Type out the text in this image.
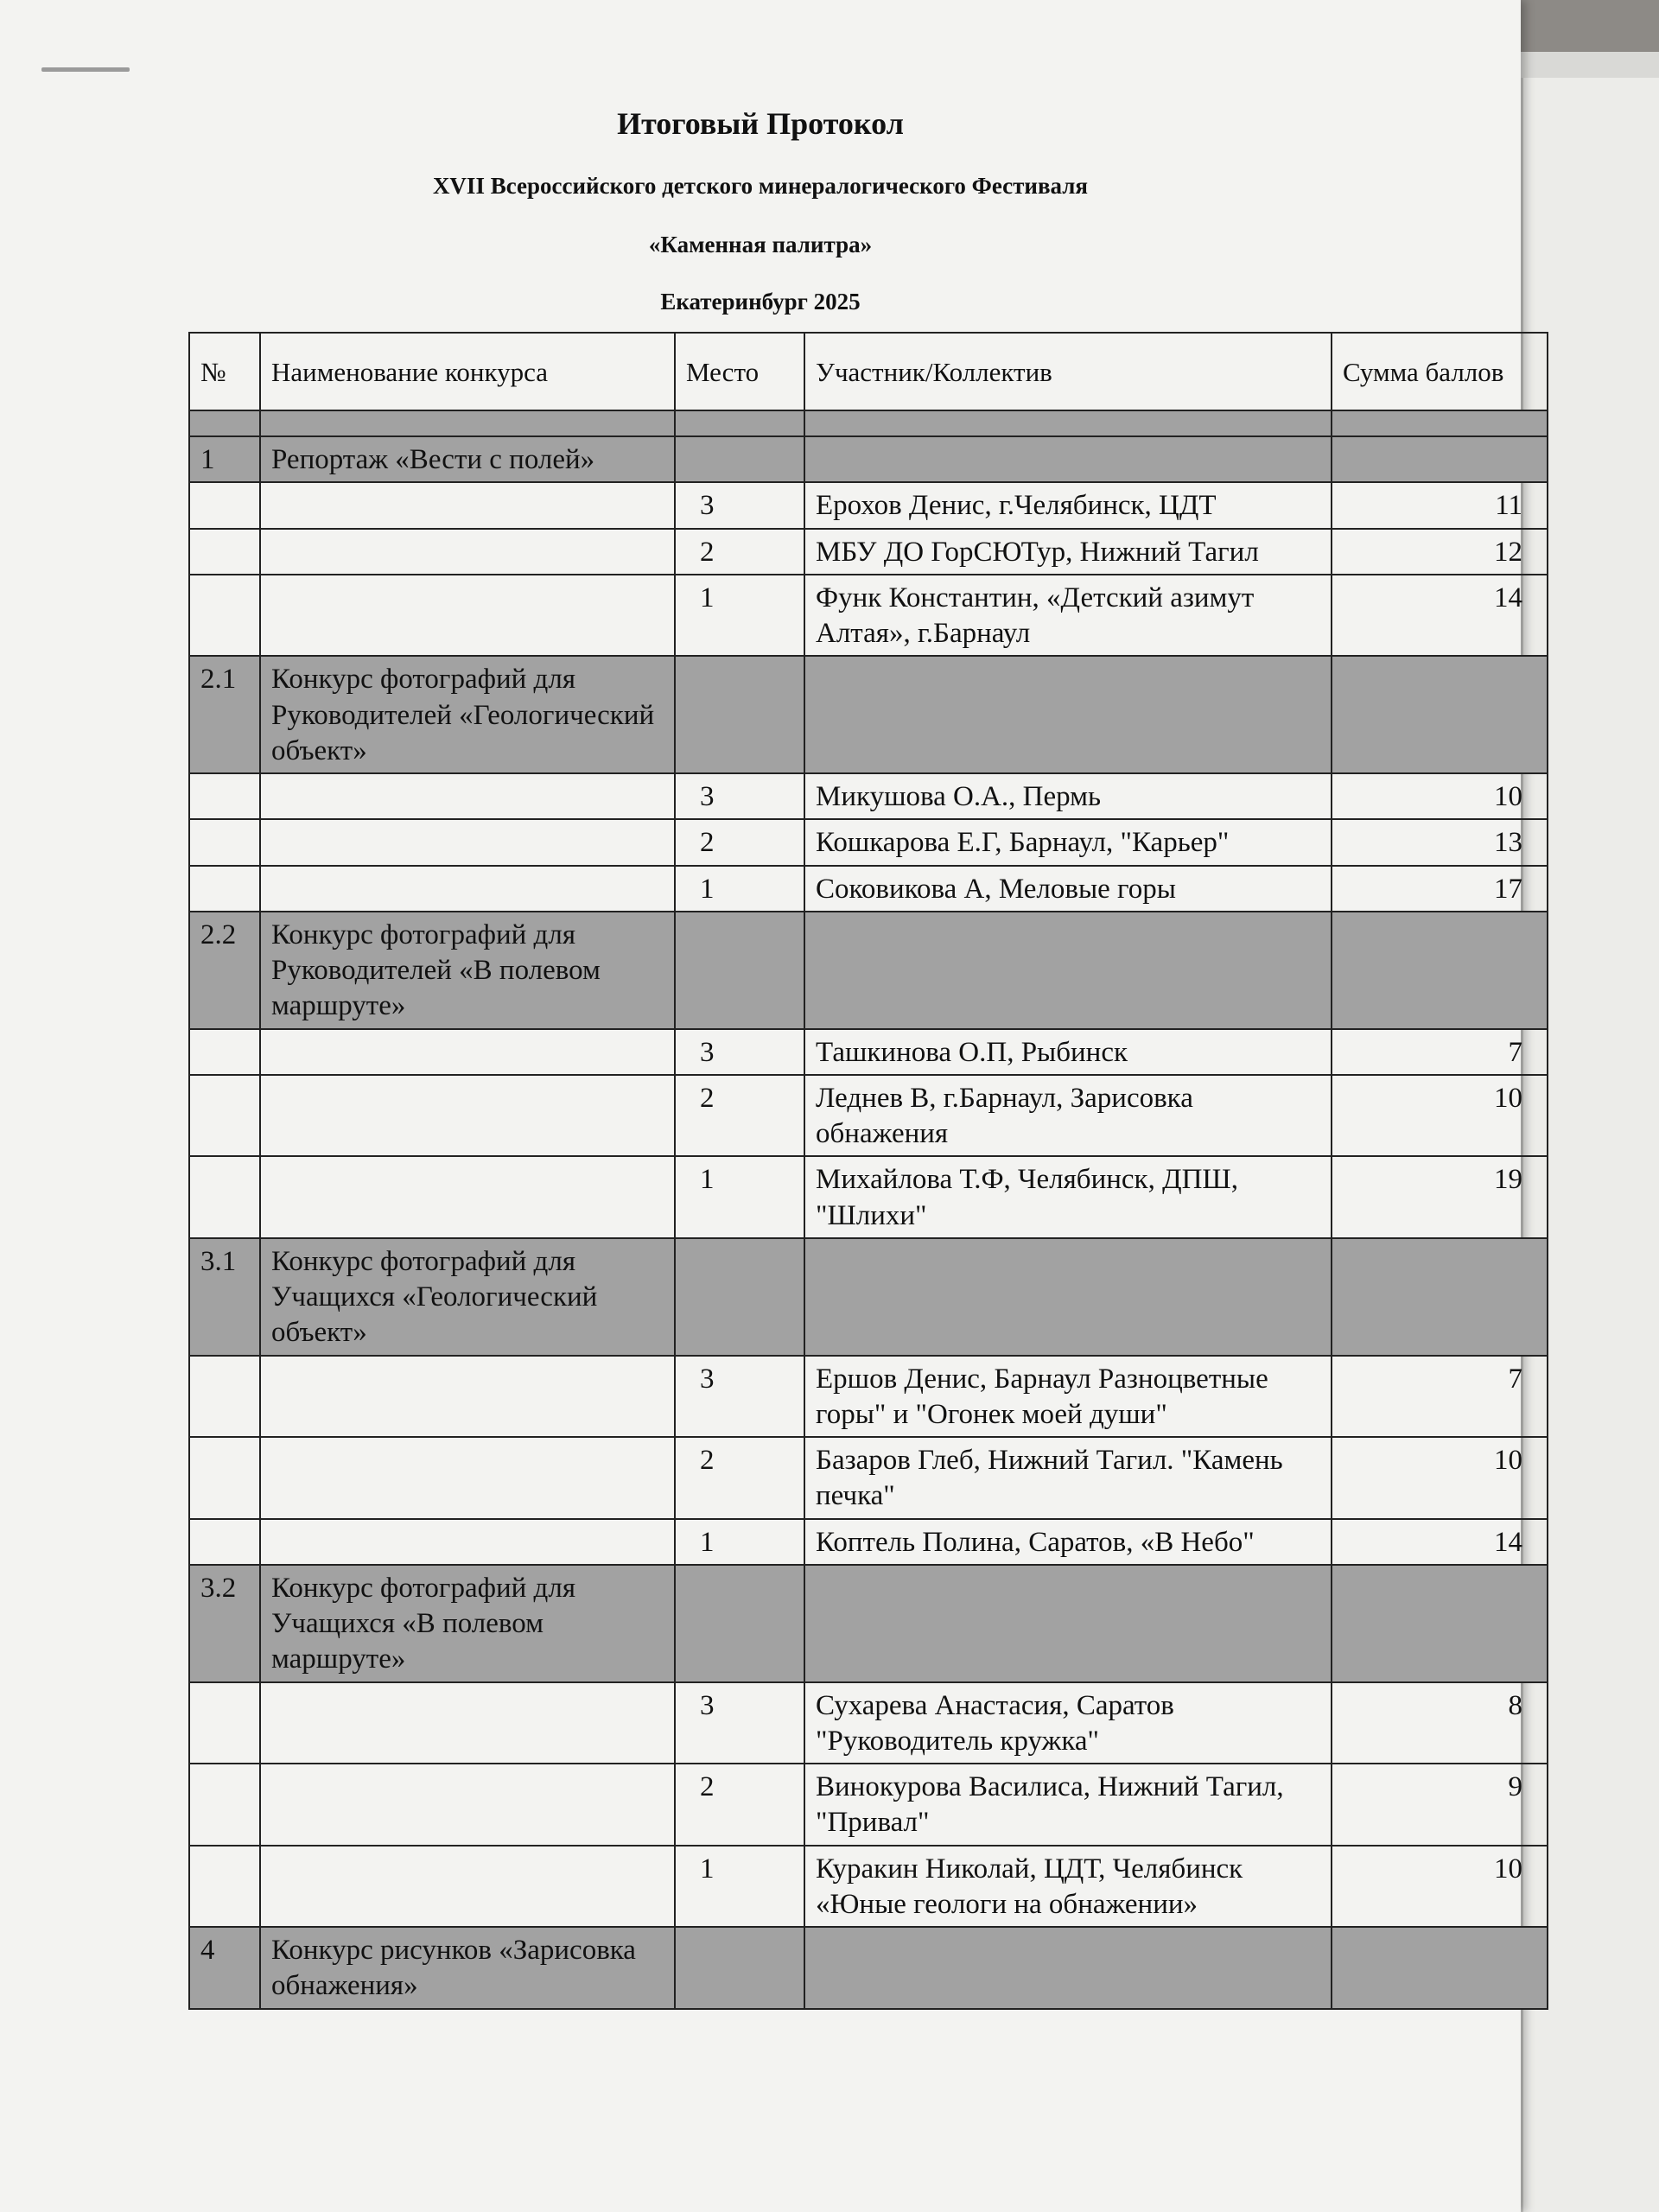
Итоговый Протокол
XVII Всероссийского детского минералогического Фестиваля
«Каменная палитра»
Екатеринбург 2025
№	Наименование конкурса	Место	Участник/Коллектив	Сумма баллов

1	Репортаж «Вести с полей»			
		3	Ерохов Денис, г.Челябинск, ЦДТ	11
		2	МБУ ДО ГорСЮТур, Нижний Тагил	12
		1	Функ Константин, «Детский азимут Алтая», г.Барнаул	14
2.1	Конкурс фотографий для Руководителей «Геологический объект»			
		3	Микушова О.А., Пермь	10
		2	Кошкарова Е.Г, Барнаул, "Карьер"	13
		1	Соковикова А, Меловые горы	17
2.2	Конкурс фотографий для Руководителей «В полевом маршруте»			
		3	Ташкинова О.П, Рыбинск	7
		2	Леднев В, г.Барнаул, Зарисовка обнажения	10
		1	Михайлова Т.Ф, Челябинск, ДПШ, "Шлихи"	19
3.1	Конкурс фотографий для Учащихся «Геологический объект»			
		3	Ершов Денис, Барнаул Разноцветные горы" и "Огонек моей души"	7
		2	Базаров Глеб, Нижний Тагил. "Камень печка"	10
		1	Коптель Полина, Саратов, «В Небо"	14
3.2	Конкурс фотографий для Учащихся «В полевом маршруте»			
		3	Сухарева Анастасия, Саратов "Руководитель кружка"	8
		2	Винокурова Василиса, Нижний Тагил, "Привал"	9
		1	Куракин Николай, ЦДТ, Челябинск «Юные геологи на обнажении»	10
4	Конкурс рисунков «Зарисовка обнажения»			
